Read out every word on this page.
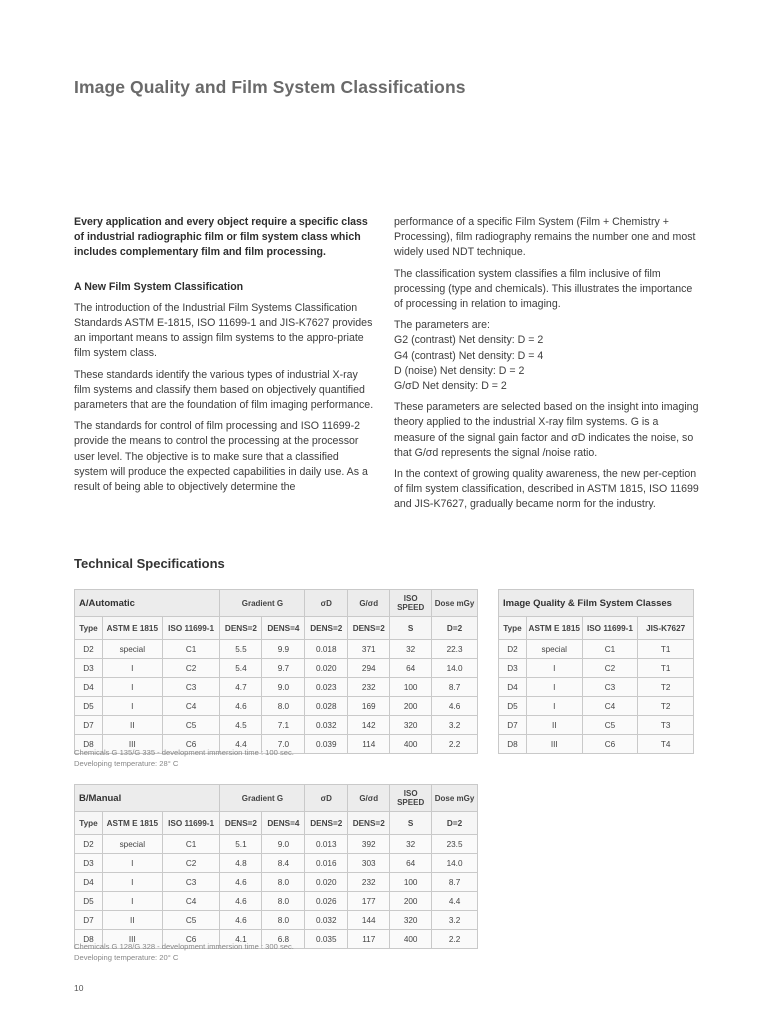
Image Quality and Film System Classifications

Every application and every object require a specific class of industrial radiographic film or film system class which includes complementary film and film processing.

A New Film System Classification

The introduction of the Industrial Film Systems Classification Standards ASTM E-1815, ISO 11699-1 and JIS-K7627 provides an important means to assign film systems to the appro-priate film system class.

These standards identify the various types of industrial X-ray film systems and classify them based on objectively quantified parameters that are the foundation of film imaging performance.

The standards for control of film processing and ISO 11699-2 provide the means to control the processing at the processor user level. The objective is to make sure that a classified system will produce the expected capabilities in daily use. As a result of being able to objectively determine the

performance of a specific Film System (Film + Chemistry + Processing), film radiography remains the number one and most widely used NDT technique.

The classification system classifies a film inclusive of film processing (type and chemicals). This illustrates the importance of processing in relation to imaging.

The parameters are:
G2 (contrast) Net density: D = 2
G4 (contrast) Net density: D = 4
D (noise) Net density: D = 2
G/σD Net density: D = 2

These parameters are selected based on the insight into imaging theory applied to the industrial X-ray film systems. G is a measure of the signal gain factor and σD indicates the noise, so that G/σd represents the signal /noise ratio.

In the context of growing quality awareness, the new per-ception of film system classification, described in ASTM 1815, ISO 11699 and JIS-K7627, gradually became norm for the industry.

Technical Specifications
A/Automatic			Gradient G		σD	G/σd	ISO SPEED	Dose mGy
Type	ASTM E 1815	ISO 11699-1	DENS=2	DENS=4	DENS=2	DENS=2	S	D=2
D2	special	C1	5.5	9.9	0.018	371	32	22.3
D3	I	C2	5.4	9.7	0.020	294	64	14.0
D4	I	C3	4.7	9.0	0.023	232	100	8.7
D5	I	C4	4.6	8.0	0.028	169	200	4.6
D7	II	C5	4.5	7.1	0.032	142	320	3.2
D8	III	C6	4.4	7.0	0.039	114	400	2.2
Chemicals G 135/G 335 - development immersion time : 100 sec.
Developing temperature: 28° C
Image Quality & Film System Classes			
Type	ASTM E 1815	ISO 11699-1	JIS-K7627
D2	special	C1	T1
D3	I	C2	T1
D4	I	C3	T2
D5	I	C4	T2
D7	II	C5	T3
D8	III	C6	T4
B/Manual			Gradient G		σD	G/σd	ISO SPEED	Dose mGy
Type	ASTM E 1815	ISO 11699-1	DENS=2	DENS=4	DENS=2	DENS=2	S	D=2
D2	special	C1	5.1	9.0	0.013	392	32	23.5
D3	I	C2	4.8	8.4	0.016	303	64	14.0
D4	I	C3	4.6	8.0	0.020	232	100	8.7
D5	I	C4	4.6	8.0	0.026	177	200	4.4
D7	II	C5	4.6	8.0	0.032	144	320	3.2
D8	III	C6	4.1	6.8	0.035	117	400	2.2
Chemicals G 128/G 328 - development immersion time : 300 sec.
Developing temperature: 20° C
10
